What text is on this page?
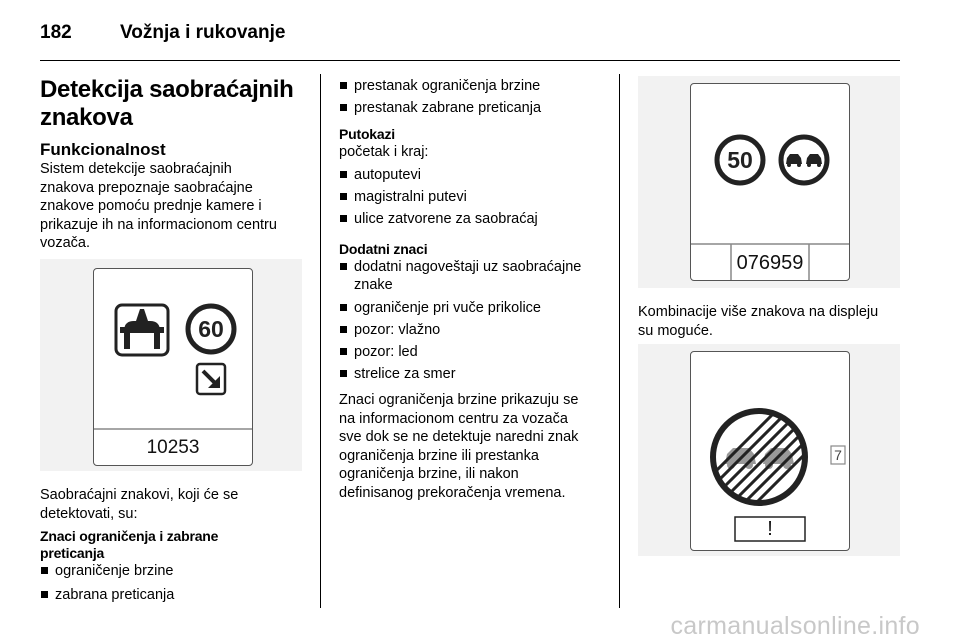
182	Vožnja i rukovanje
Detekcija saobraćajnih
znakova
Funkcionalnost
Sistem detekcije saobraćajnih
znakova prepoznaje saobraćajne
znakove pomoću prednje kamere i
prikazuje ih na informacionom centru
vozača.
60
10253
Saobraćajni znakovi, koji će se
detektovati, su:
Znaci ograničenja i zabrane
preticanja
ograničenje brzine
zabrana preticanja
prestanak ograničenja brzine
prestanak zabrane preticanja
Putokazi
početak i kraj:
autoputevi
magistralni putevi
ulice zatvorene za saobraćaj
Dodatni znaci
dodatni nagoveštaji uz saobraćajne
znake
ograničenje pri vuče prikolice
pozor: vlažno
pozor: led
strelice za smer
Znaci ograničenja brzine prikazuju se
na informacionom centru za vozača
sve dok se ne detektuje naredni znak
ograničenja brzine ili prestanka
ograničenja brzine, ili nakon
definisanog prekoračenja vremena.
50
076959
Kombinacije više znakova na displeju
su moguće.
7
!
carmanualsonline.info
